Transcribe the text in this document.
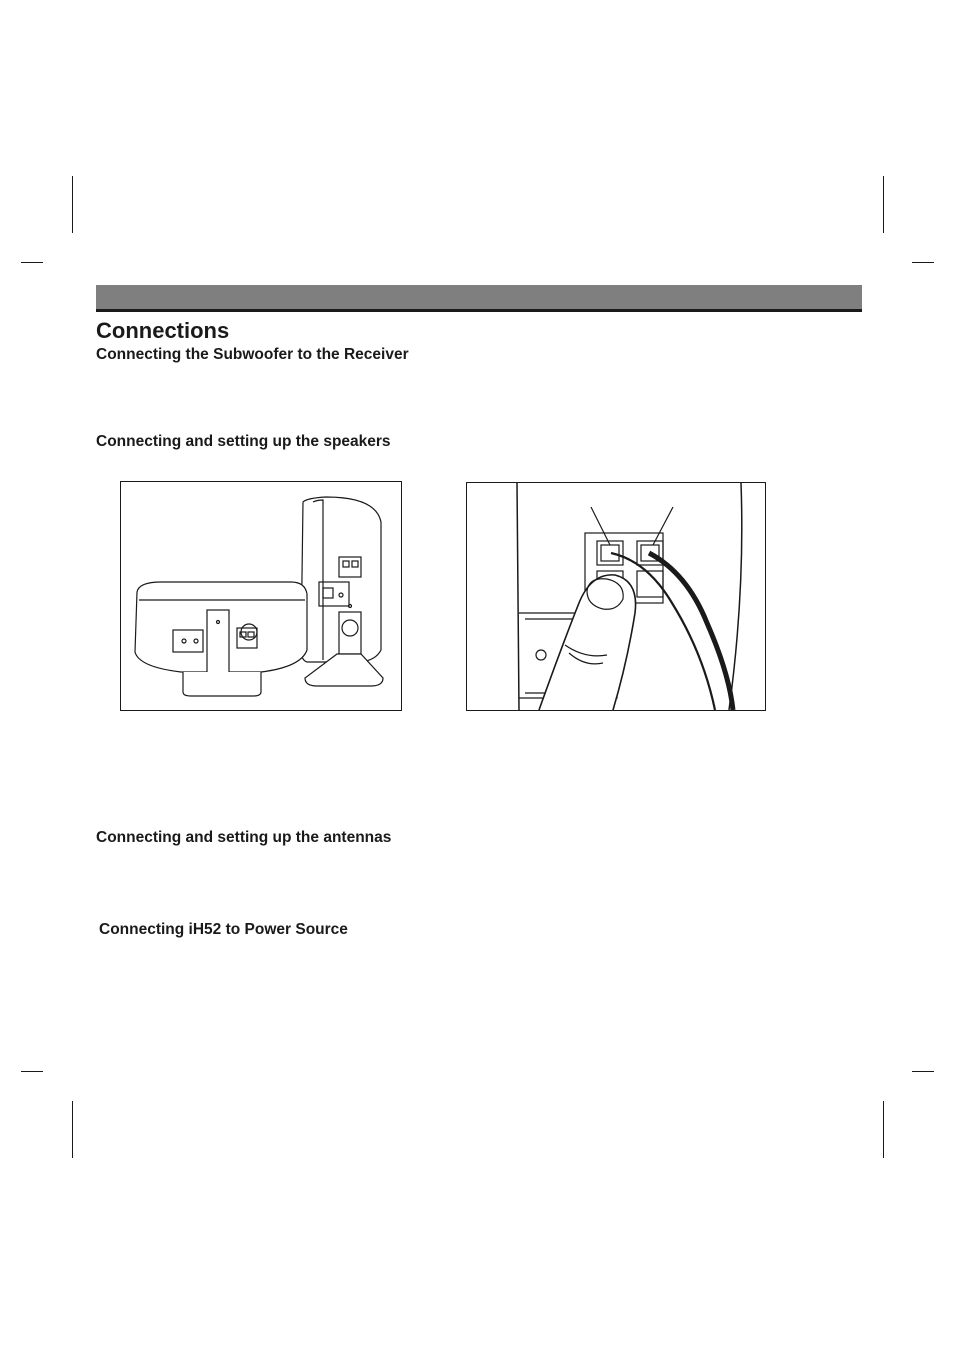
Connections
Connecting the Subwoofer to the Receiver
Connecting and setting up the speakers
Connecting and setting up the antennas
Connecting iH52 to Power Source
